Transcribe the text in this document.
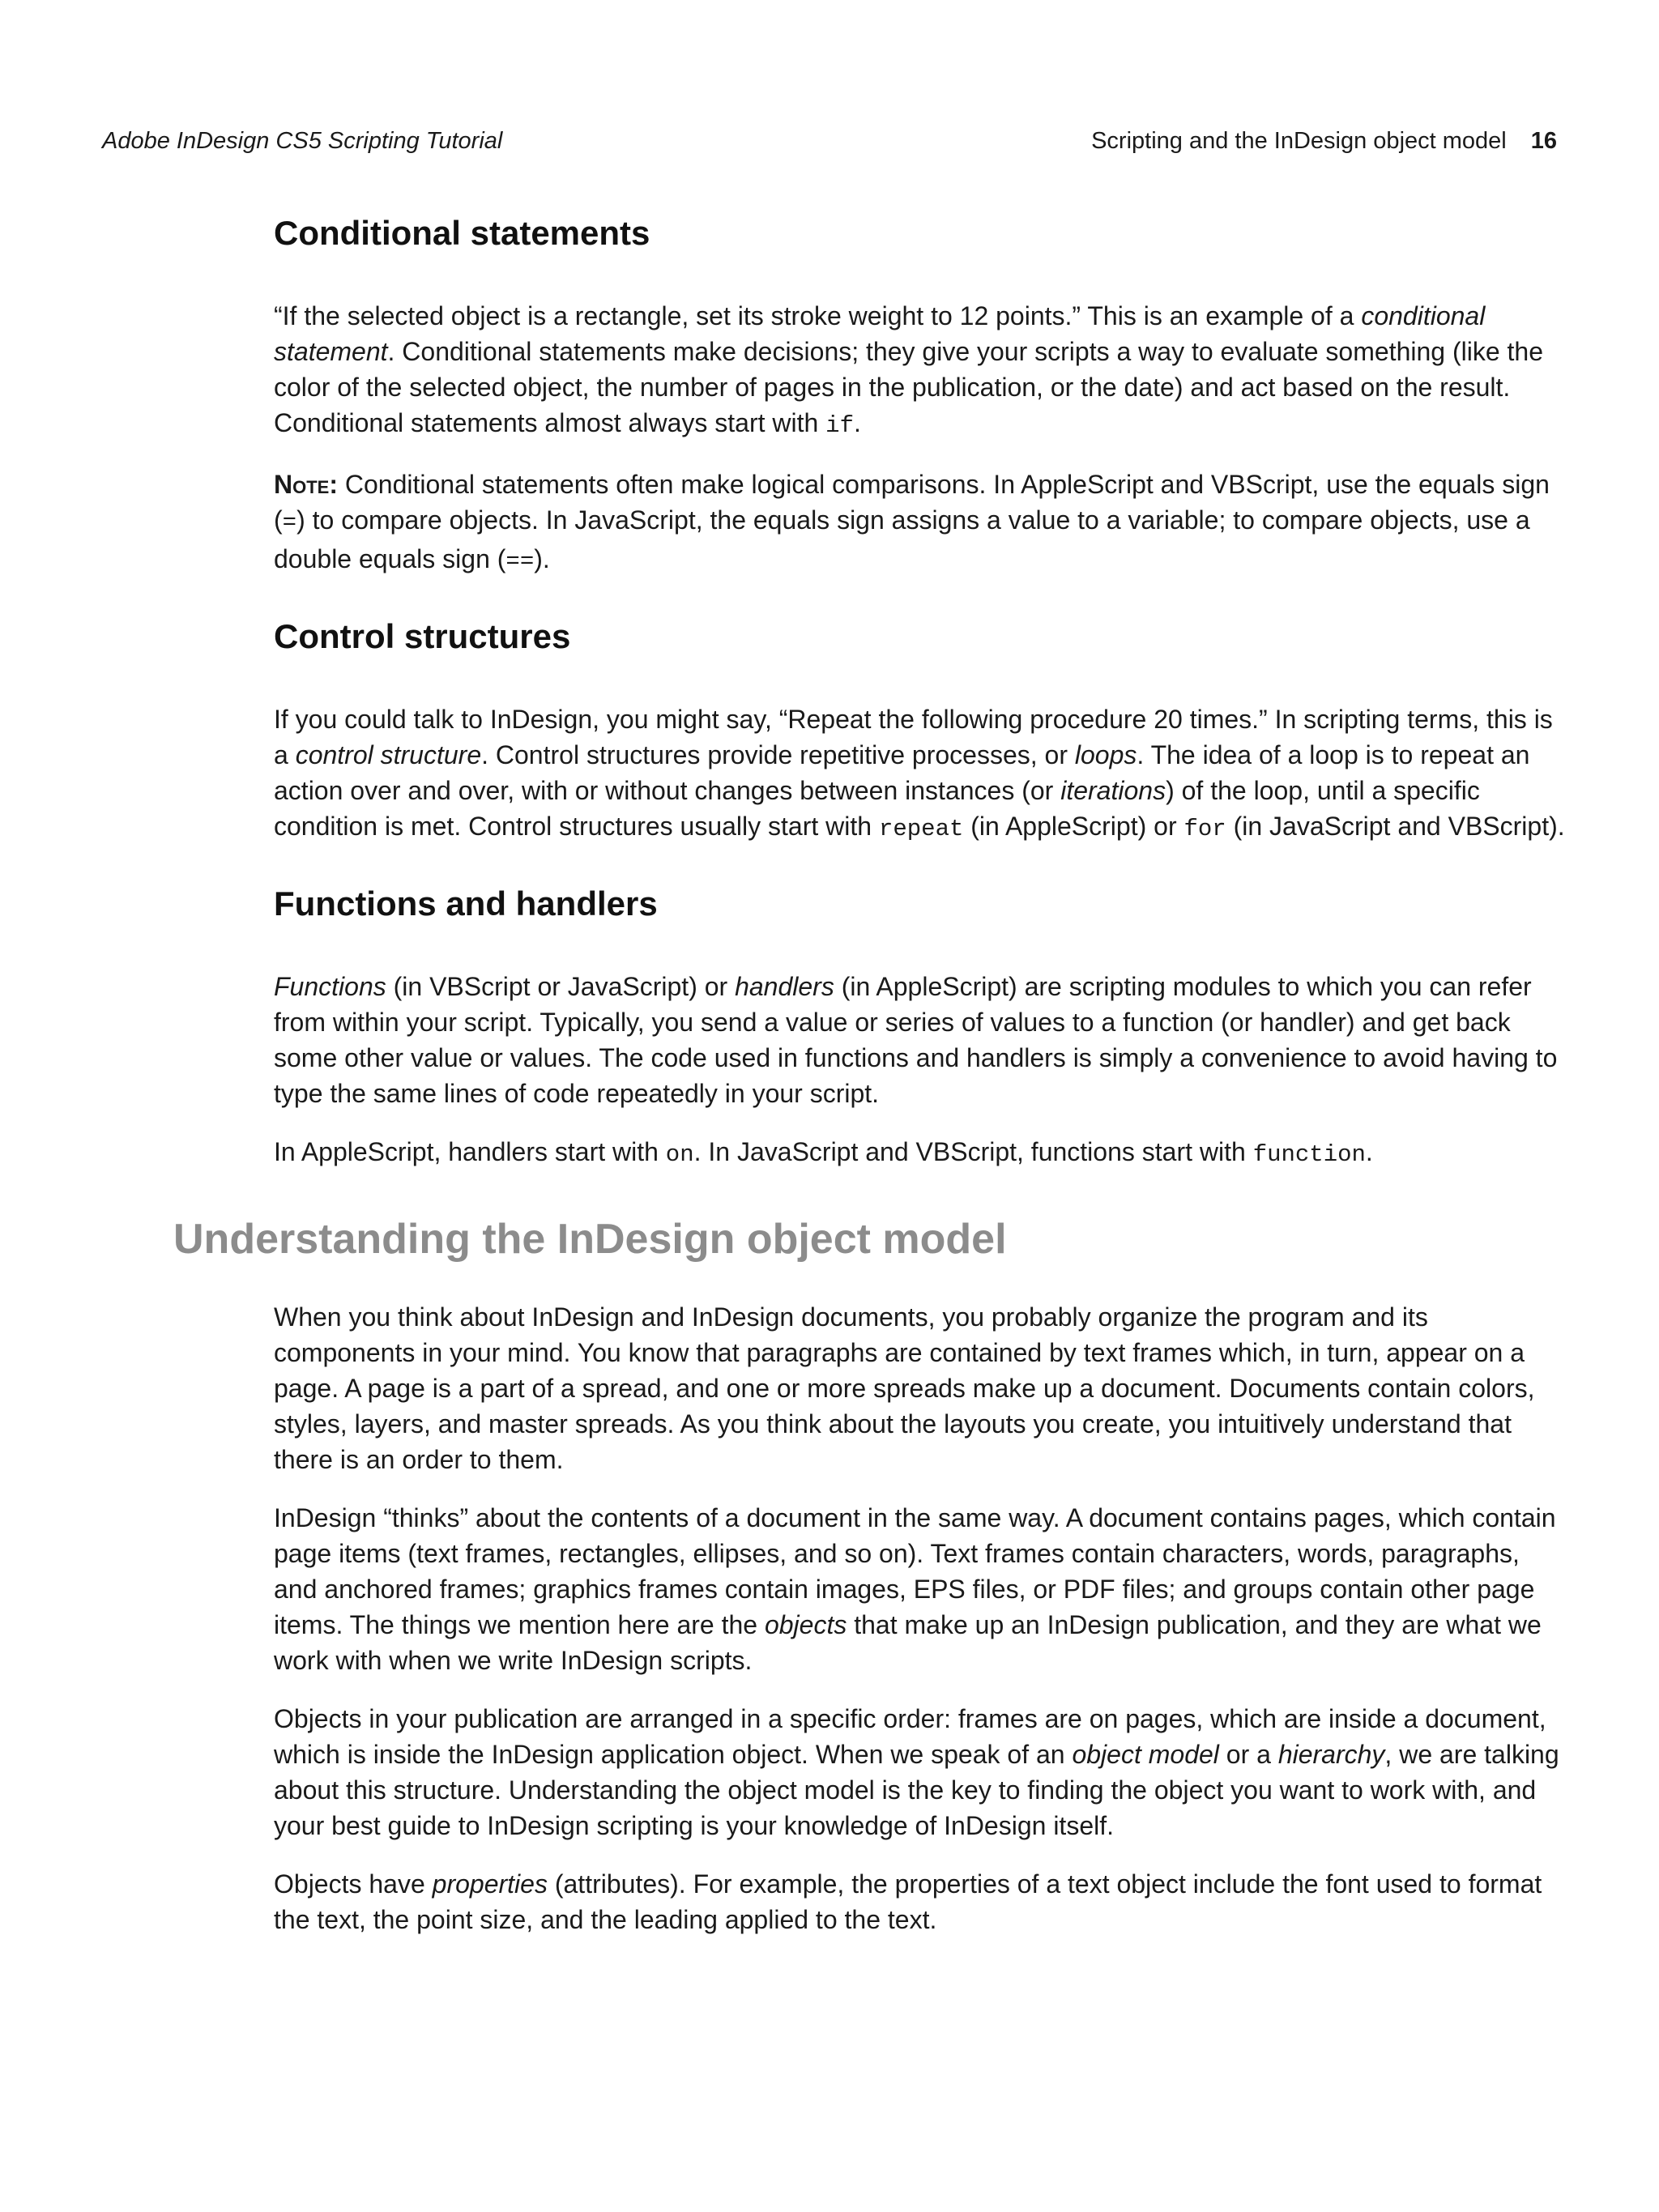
Adobe InDesign CS5 Scripting Tutorial	Scripting and the InDesign object model 16
Conditional statements

“If the selected object is a rectangle, set its stroke weight to 12 points.” This is an example of a conditional statement. Conditional statements make decisions; they give your scripts a way to evaluate something (like the color of the selected object, the number of pages in the publication, or the date) and act based on the result. Conditional statements almost always start with if.

Note: Conditional statements often make logical comparisons. In AppleScript and VBScript, use the equals sign (=) to compare objects. In JavaScript, the equals sign assigns a value to a variable; to compare objects, use a double equals sign (==).

Control structures

If you could talk to InDesign, you might say, “Repeat the following procedure 20 times.” In scripting terms, this is a control structure. Control structures provide repetitive processes, or loops. The idea of a loop is to repeat an action over and over, with or without changes between instances (or iterations) of the loop, until a specific condition is met. Control structures usually start with repeat (in AppleScript) or for (in JavaScript and VBScript).

Functions and handlers

Functions (in VBScript or JavaScript) or handlers (in AppleScript) are scripting modules to which you can refer from within your script. Typically, you send a value or series of values to a function (or handler) and get back some other value or values. The code used in functions and handlers is simply a convenience to avoid having to type the same lines of code repeatedly in your script.

In AppleScript, handlers start with on. In JavaScript and VBScript, functions start with function.

Understanding the InDesign object model

When you think about InDesign and InDesign documents, you probably organize the program and its components in your mind. You know that paragraphs are contained by text frames which, in turn, appear on a page. A page is a part of a spread, and one or more spreads make up a document. Documents contain colors, styles, layers, and master spreads. As you think about the layouts you create, you intuitively understand that there is an order to them.

InDesign “thinks” about the contents of a document in the same way. A document contains pages, which contain page items (text frames, rectangles, ellipses, and so on). Text frames contain characters, words, paragraphs, and anchored frames; graphics frames contain images, EPS files, or PDF files; and groups contain other page items. The things we mention here are the objects that make up an InDesign publication, and they are what we work with when we write InDesign scripts.

Objects in your publication are arranged in a specific order: frames are on pages, which are inside a document, which is inside the InDesign application object. When we speak of an object model or a hierarchy, we are talking about this structure. Understanding the object model is the key to finding the object you want to work with, and your best guide to InDesign scripting is your knowledge of InDesign itself.

Objects have properties (attributes). For example, the properties of a text object include the font used to format the text, the point size, and the leading applied to the text.
